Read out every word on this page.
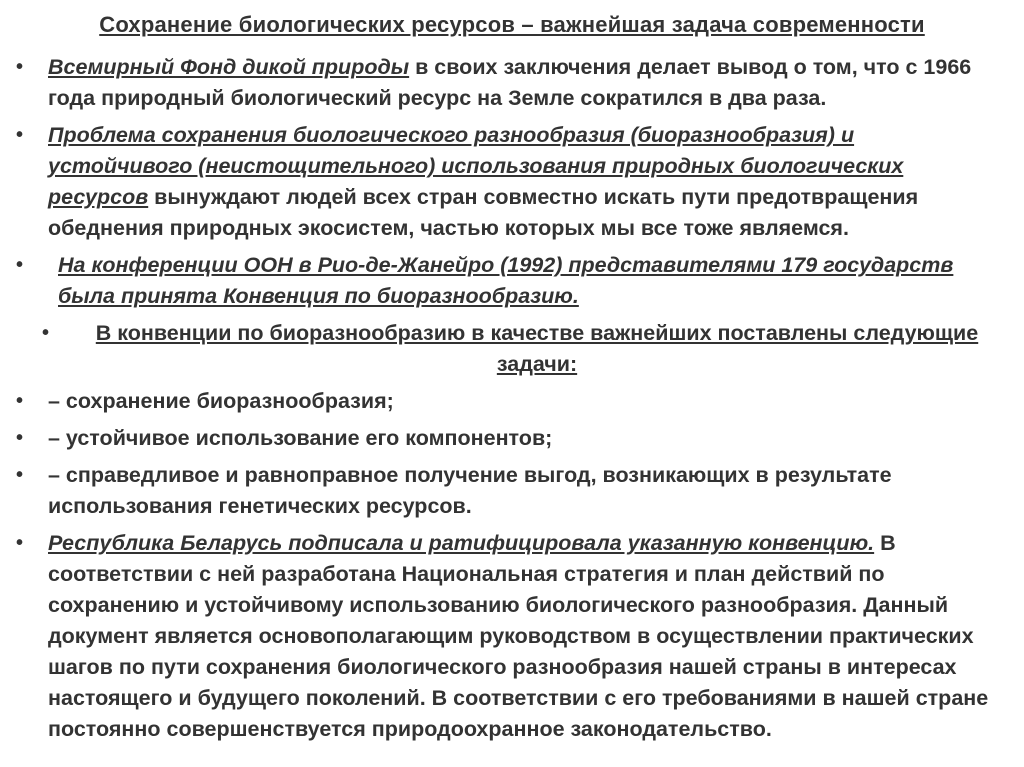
Сохранение биологических ресурсов – важнейшая задача современности
• Всемирный Фонд дикой природы в своих заключения делает вывод о том, что с 1966 года природный биологический ресурс на Земле сократился в два раза.
• Проблема сохранения биологического разнообразия (биоразнообразия) и устойчивого (неистощительного) использования природных биологических ресурсов вынуждают людей всех стран совместно искать пути предотвращения обеднения природных экосистем, частью которых мы все тоже являемся.
• На конференции ООН в Рио-де-Жанейро (1992) представителями 179 государств была принята Конвенция по биоразнообразию.
• В конвенции по биоразнообразию в качестве важнейших поставлены следующие задачи:
• – сохранение биоразнообразия;
• – устойчивое использование его компонентов;
• – справедливое и равноправное получение выгод, возникающих в результате использования генетических ресурсов.
• Республика Беларусь подписала и ратифицировала указанную конвенцию. В соответствии с ней разработана Национальная стратегия и план действий по сохранению и устойчивому использованию биологического разнообразия. Данный документ является основополагающим руководством в осуществлении практических шагов по пути сохранения биологического разнообразия нашей страны в интересах настоящего и будущего поколений. В соответствии с его требованиями в нашей стране постоянно совершенствуется природоохранное законодательство.
